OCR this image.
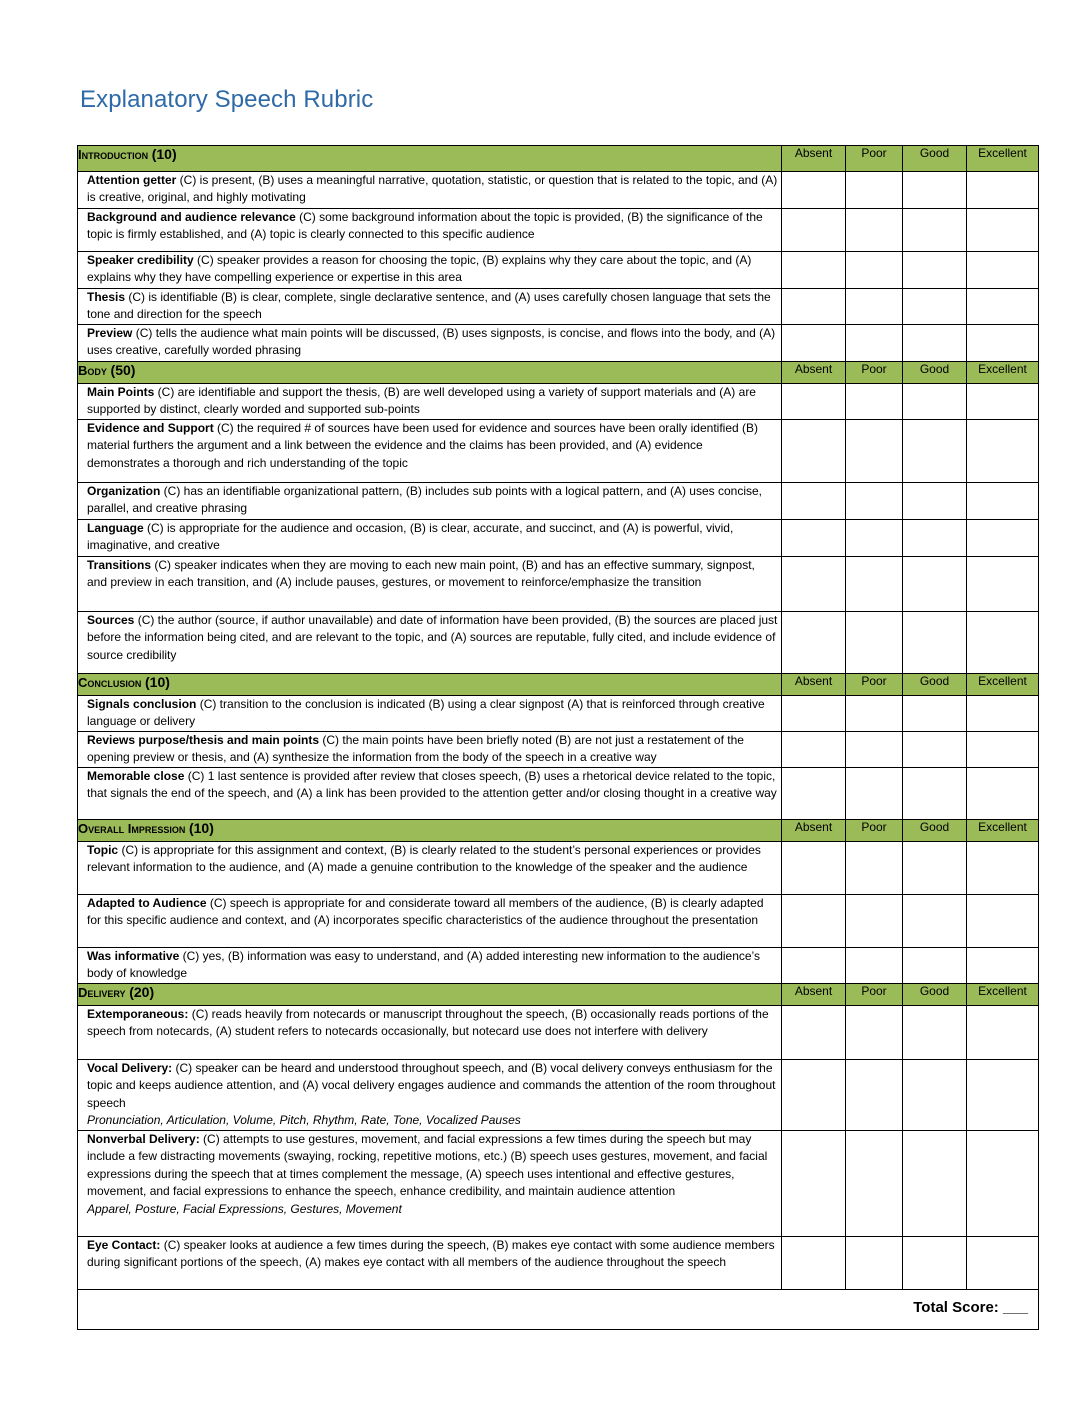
Explanatory Speech Rubric
Introduction (10)	Absent	Poor	Good	Excellent
Attention getter (C) is present, (B) uses a meaningful narrative, quotation, statistic, or question that is related to the topic, and (A) is creative, original, and highly motivating				
Background and audience relevance (C) some background information about the topic is provided, (B) the significance of the topic is firmly established, and (A) topic is clearly connected to this specific audience				
Speaker credibility (C) speaker provides a reason for choosing the topic, (B) explains why they care about the topic, and (A) explains why they have compelling experience or expertise in this area				
Thesis (C) is identifiable (B) is clear, complete, single declarative sentence, and (A) uses carefully chosen language that sets the tone and direction for the speech				
Preview (C) tells the audience what main points will be discussed, (B) uses signposts, is concise, and flows into the body, and (A) uses creative, carefully worded phrasing				
Body (50)	Absent	Poor	Good	Excellent
Main Points (C) are identifiable and support the thesis, (B) are well developed using a variety of support materials and (A) are supported by distinct, clearly worded and supported sub-points				
Evidence and Support (C) the required # of sources have been used for evidence and sources have been orally identified (B) material furthers the argument and a link between the evidence and the claims has been provided, and (A) evidence demonstrates a thorough and rich understanding of the topic				
Organization (C) has an identifiable organizational pattern, (B) includes sub points with a logical pattern, and (A) uses concise, parallel, and creative phrasing				
Language (C) is appropriate for the audience and occasion, (B) is clear, accurate, and succinct, and (A) is powerful, vivid, imaginative, and creative				
Transitions (C) speaker indicates when they are moving to each new main point, (B) and has an effective summary, signpost, and preview in each transition, and (A) include pauses, gestures, or movement to reinforce/emphasize the transition				
Sources (C) the author (source, if author unavailable) and date of information have been provided, (B) the sources are placed just before the information being cited, and are relevant to the topic, and (A) sources are reputable, fully cited, and include evidence of source credibility				
Conclusion (10)	Absent	Poor	Good	Excellent
Signals conclusion (C) transition to the conclusion is indicated (B) using a clear signpost (A) that is reinforced through creative language or delivery				
Reviews purpose/thesis and main points (C) the main points have been briefly noted (B) are not just a restatement of the opening preview or thesis, and (A) synthesize the information from the body of the speech in a creative way				
Memorable close (C) 1 last sentence is provided after review that closes speech, (B) uses a rhetorical device related to the topic, that signals the end of the speech, and (A) a link has been provided to the attention getter and/or closing thought in a creative way				
Overall Impression (10)	Absent	Poor	Good	Excellent
Topic (C) is appropriate for this assignment and context, (B) is clearly related to the student’s personal experiences or provides relevant information to the audience, and (A) made a genuine contribution to the knowledge of the speaker and the audience				
Adapted to Audience (C) speech is appropriate for and considerate toward all members of the audience, (B) is clearly adapted for this specific audience and context, and (A) incorporates specific characteristics of the audience throughout the presentation				
Was informative (C) yes, (B) information was easy to understand, and (A) added interesting new information to the audience’s body of knowledge				
Delivery (20)	Absent	Poor	Good	Excellent
Extemporaneous: (C) reads heavily from notecards or manuscript throughout the speech, (B) occasionally reads portions of the speech from notecards, (A) student refers to notecards occasionally, but notecard use does not interfere with delivery				
Vocal Delivery: (C) speaker can be heard and understood throughout speech, and (B) vocal delivery conveys enthusiasm for the topic and keeps audience attention, and (A) vocal delivery engages audience and commands the attention of the room throughout speech
Pronunciation, Articulation, Volume, Pitch, Rhythm, Rate, Tone, Vocalized Pauses				

Nonverbal Delivery: (C) attempts to use gestures, movement, and facial expressions a few times during the speech but may include a few distracting movements (swaying, rocking, repetitive motions, etc.) (B) speech uses gestures, movement, and facial expressions during the speech that at times complement the message, (A) speech uses intentional and effective gestures, movement, and facial expressions to enhance the speech, enhance credibility, and maintain audience attention
Apparel, Posture, Facial Expressions, Gestures, Movement				

Eye Contact: (C) speaker looks at audience a few times during the speech, (B) makes eye contact with some audience members during significant portions of the speech, (A) makes eye contact with all members of the audience throughout the speech				
Total Score: ___				
